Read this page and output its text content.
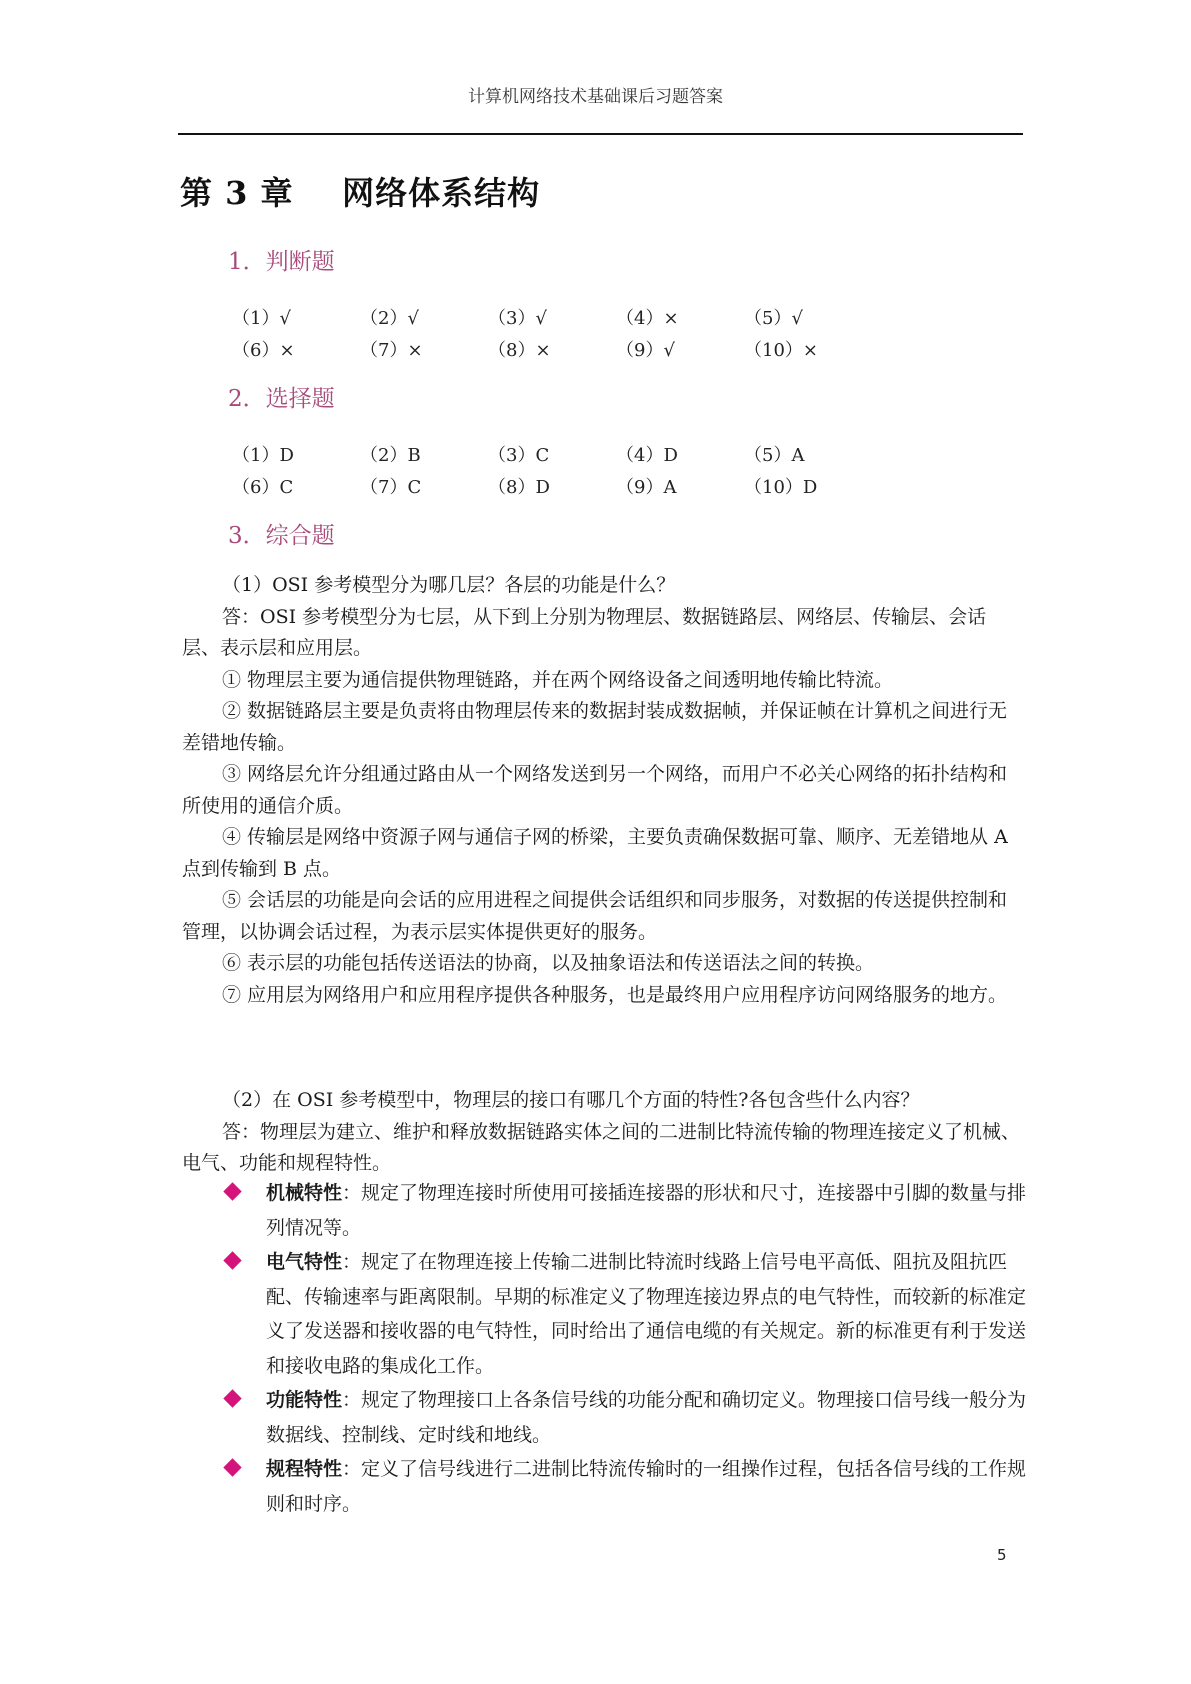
计算机网络技术基础课后习题答案
第 3 章    网络体系结构
1．判断题
（1）√	（2）√	（3）√	（4）×	（5）√
（6）×	（7）×	（8）×	（9）√	（10）×
2．选择题
（1）D	（2）B	（3）C	（4）D	（5）A
（6）C	（7）C	（8）D	（9）A	（10）D
3．综合题

（1）OSI 参考模型分为哪几层？各层的功能是什么？

答：OSI 参考模型分为七层，从下到上分别为物理层、数据链路层、网络层、传输层、会话层、表示层和应用层。

① 物理层主要为通信提供物理链路，并在两个网络设备之间透明地传输比特流。

② 数据链路层主要是负责将由物理层传来的数据封装成数据帧，并保证帧在计算机之间进行无差错地传输。

③ 网络层允许分组通过路由从一个网络发送到另一个网络，而用户不必关心网络的拓扑结构和所使用的通信介质。

④ 传输层是网络中资源子网与通信子网的桥梁，主要负责确保数据可靠、顺序、无差错地从 A 点到传输到 B 点。

⑤ 会话层的功能是向会话的应用进程之间提供会话组织和同步服务，对数据的传送提供控制和管理，以协调会话过程，为表示层实体提供更好的服务。

⑥ 表示层的功能包括传送语法的协商，以及抽象语法和传送语法之间的转换。

⑦ 应用层为网络用户和应用程序提供各种服务，也是最终用户应用程序访问网络服务的地方。

（2）在 OSI 参考模型中，物理层的接口有哪几个方面的特性?各包含些什么内容？

答：物理层为建立、维护和释放数据链路实体之间的二进制比特流传输的物理连接定义了机械、电气、功能和规程特性。

机械特性：规定了物理连接时所使用可接插连接器的形状和尺寸，连接器中引脚的数量与排列情况等。
电气特性：规定了在物理连接上传输二进制比特流时线路上信号电平高低、阻抗及阻抗匹配、传输速率与距离限制。早期的标准定义了物理连接边界点的电气特性，而较新的标准定义了发送器和接收器的电气特性，同时给出了通信电缆的有关规定。新的标准更有利于发送和接收电路的集成化工作。
功能特性：规定了物理接口上各条信号线的功能分配和确切定义。物理接口信号线一般分为数据线、控制线、定时线和地线。
规程特性：定义了信号线进行二进制比特流传输时的一组操作过程，包括各信号线的工作规则和时序。
5
